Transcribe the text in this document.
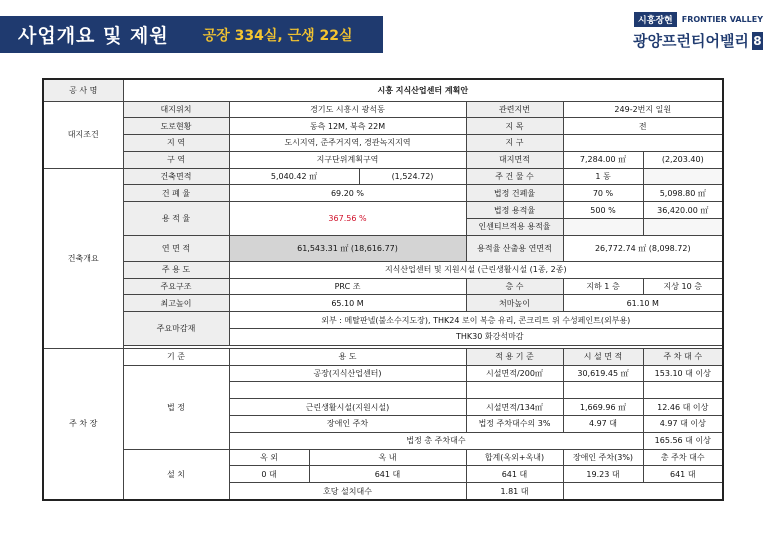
사업개요 및 제원 공장 334실, 근생 22실
시흥장현	FRONTIER VALLEY
광양프런티어밸리 8
공 사 명	시흥 지식산업센터 계획안						
대지조건	대지위치	경기도 시흥시 광석동			관련지번	249-2번지 일원	
	도로현황	동측 12M, 북측 22M			지 목	전	
	지 역	도시지역, 준주거지역, 경관녹지지역			지 구		
	구 역	지구단위계획구역			대지면적	7,284.00 ㎡	(2,203.40)
건축개요	건축면적	5,040.42 ㎡		(1,524.72)	주 건 물 수	1 동	
	건 폐 율	69.20 %			법정 건폐율	70 %	5,098.80 ㎡
	용 적 율	367.56 %			법정 용적율	500 %	36,420.00 ㎡
					인센티브적용 용적율		
	연 면 적	61,543.31 ㎡ (18,616.77)			용적율 산출용 연면적	26,772.74 ㎡ (8,098.72)	
	주 용 도	지식산업센터 및 지원시설 (근린생활시설 (1종, 2종)					
	주요구조	PRC 조			층 수	지하 1 층	지상 10 층
	최고높이	65.10 M			처마높이	61.10 M	
	주요마감재	외부 : 메탈판넬(불소수지도장), THK24 로이 복층 유리, 콘크리트 위 수성페인트(외부용)					
		THK30 화강석마감					

주 차 장	기 준	용 도			적 용 기 준	시 설 면 적	주 차 대 수
	법 정	공장(지식산업센터)			시설면적/200㎡	30,619.45 ㎡	153.10 대 이상

		근린생활시설(지원시설)			시설면적/134㎡	1,669.96 ㎡	12.46 대 이상
		장애인 주차			법정 주차대수의 3%	4.97 대	4.97 대 이상
		법정 총 주차대수					165.56 대 이상
	설 치	옥 외	옥 내		합계(옥외+옥내)	장애인 주차(3%)	총 주차 대수
		0 대	641 대		641 대	19.23 대	641 대
		호당 설치대수			1.81 대		
